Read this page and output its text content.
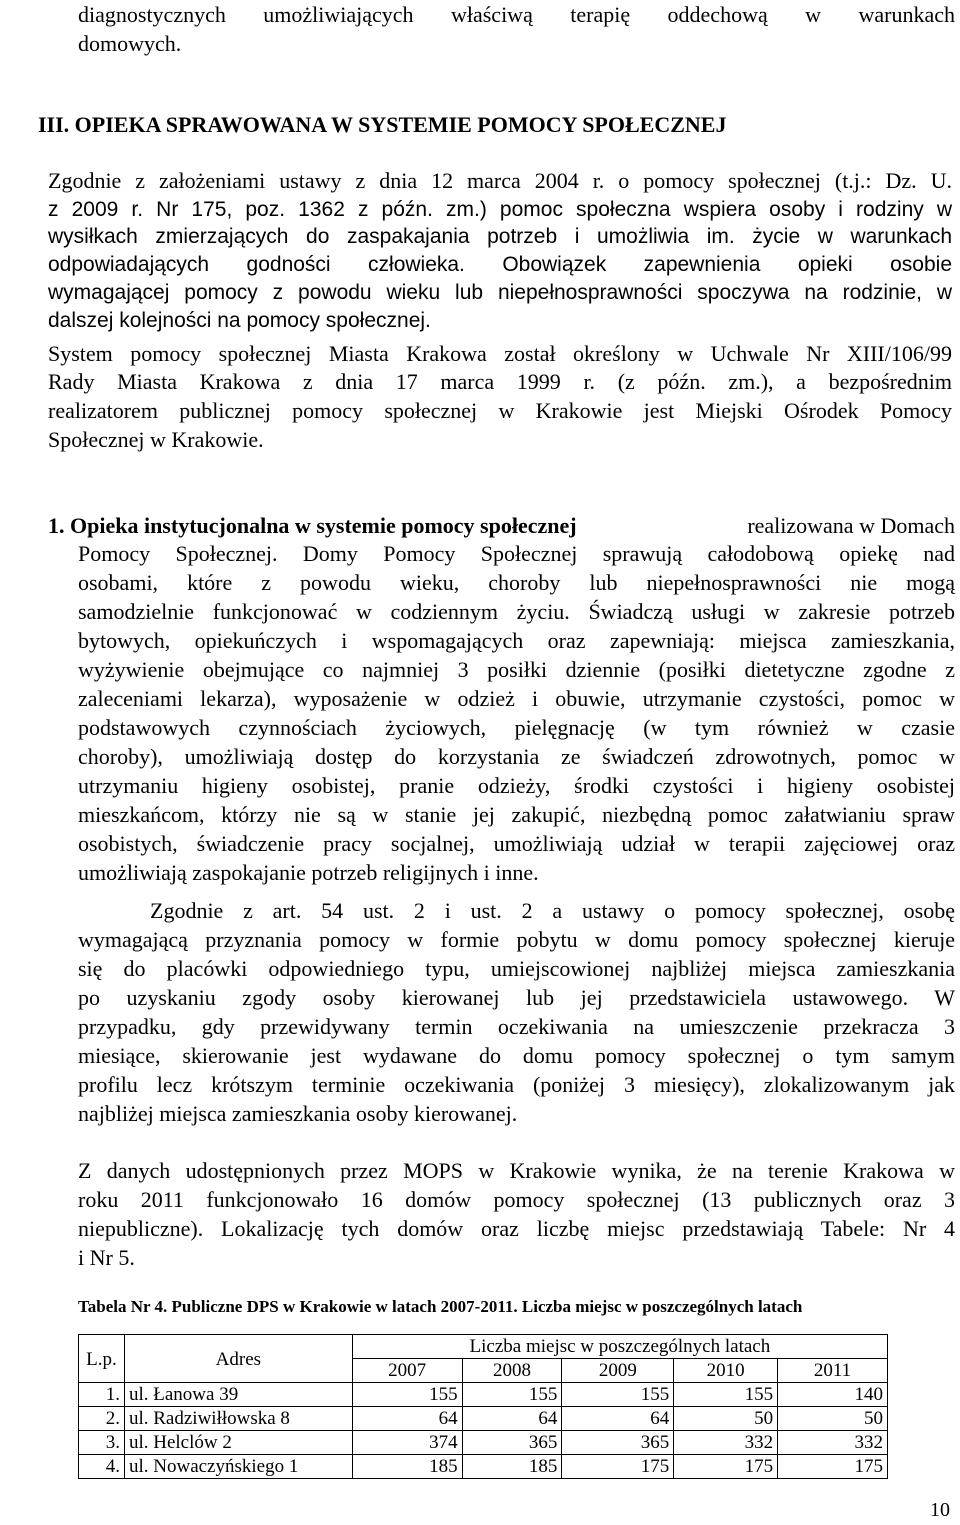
diagnostycznych umożliwiających właściwą terapię oddechową w warunkach
domowych.
III. OPIEKA SPRAWOWANA W SYSTEMIE POMOCY SPOŁECZNEJ
Zgodnie z założeniami ustawy z dnia 12 marca 2004 r. o pomocy społecznej (t.j.: Dz. U.
z 2009 r. Nr 175, poz. 1362 z późn. zm.) pomoc społeczna wspiera osoby i rodziny w
wysiłkach zmierzających do zaspakajania potrzeb i umożliwia im. życie w warunkach
odpowiadających godności człowieka. Obowiązek zapewnienia opieki osobie
wymagającej pomocy z powodu wieku lub niepełnosprawności spoczywa na rodzinie, w
dalszej kolejności na pomocy społecznej.
System pomocy społecznej Miasta Krakowa został określony w Uchwale Nr XIII/106/99
Rady Miasta Krakowa z dnia 17 marca 1999 r. (z późn. zm.), a bezpośrednim
realizatorem publicznej pomocy społecznej w Krakowie jest Miejski Ośrodek Pomocy
Społecznej w Krakowie.
1. Opieka instytucjonalna w systemie pomocy społecznej	realizowana w Domach
Pomocy Społecznej. Domy Pomocy Społecznej sprawują całodobową opiekę nad
osobami, które z powodu wieku, choroby lub niepełnosprawności nie mogą
samodzielnie funkcjonować w codziennym życiu. Świadczą usługi w zakresie potrzeb
bytowych, opiekuńczych i wspomagających oraz zapewniają: miejsca zamieszkania,
wyżywienie obejmujące co najmniej 3 posiłki dziennie (posiłki dietetyczne zgodne z
zaleceniami lekarza), wyposażenie w odzież i obuwie, utrzymanie czystości, pomoc w
podstawowych czynnościach życiowych, pielęgnację (w tym również w czasie
choroby), umożliwiają dostęp do korzystania ze świadczeń zdrowotnych, pomoc w
utrzymaniu higieny osobistej, pranie odzieży, środki czystości i higieny osobistej
mieszkańcom, którzy nie są w stanie jej zakupić, niezbędną pomoc załatwianiu spraw
osobistych, świadczenie pracy socjalnej, umożliwiają udział w terapii zajęciowej oraz
umożliwiają zaspokajanie potrzeb religijnych i inne.
Zgodnie z art. 54 ust. 2 i ust. 2 a ustawy o pomocy społecznej, osobę
wymagającą przyznania pomocy w formie pobytu w domu pomocy społecznej kieruje
się do placówki odpowiedniego typu, umiejscowionej najbliżej miejsca zamieszkania
po uzyskaniu zgody osoby kierowanej lub jej przedstawiciela ustawowego. W
przypadku, gdy przewidywany termin oczekiwania na umieszczenie przekracza 3
miesiące, skierowanie jest wydawane do domu pomocy społecznej o tym samym
profilu lecz krótszym terminie oczekiwania (poniżej 3 miesięcy), zlokalizowanym jak
najbliżej miejsca zamieszkania osoby kierowanej.
Z danych udostępnionych przez MOPS w Krakowie wynika, że na terenie Krakowa w
roku 2011 funkcjonowało 16 domów pomocy społecznej (13 publicznych oraz 3
niepubliczne). Lokalizację tych domów oraz liczbę miejsc przedstawiają Tabele: Nr 4
i Nr 5.
Tabela Nr 4. Publiczne DPS w Krakowie w latach 2007-2011. Liczba miejsc w poszczególnych latach
		Liczba miejsc w poszczególnych latach				
L.p.	Adres	2007	2008	2009	2010	2011
1.	ul. Łanowa 39	155	155	155	155	140
2.	ul. Radziwiłłowska 8	64	64	64	50	50
3.	ul. Helclów 2	374	365	365	332	332
4.	ul. Nowaczyńskiego 1	185	185	175	175	175
10
